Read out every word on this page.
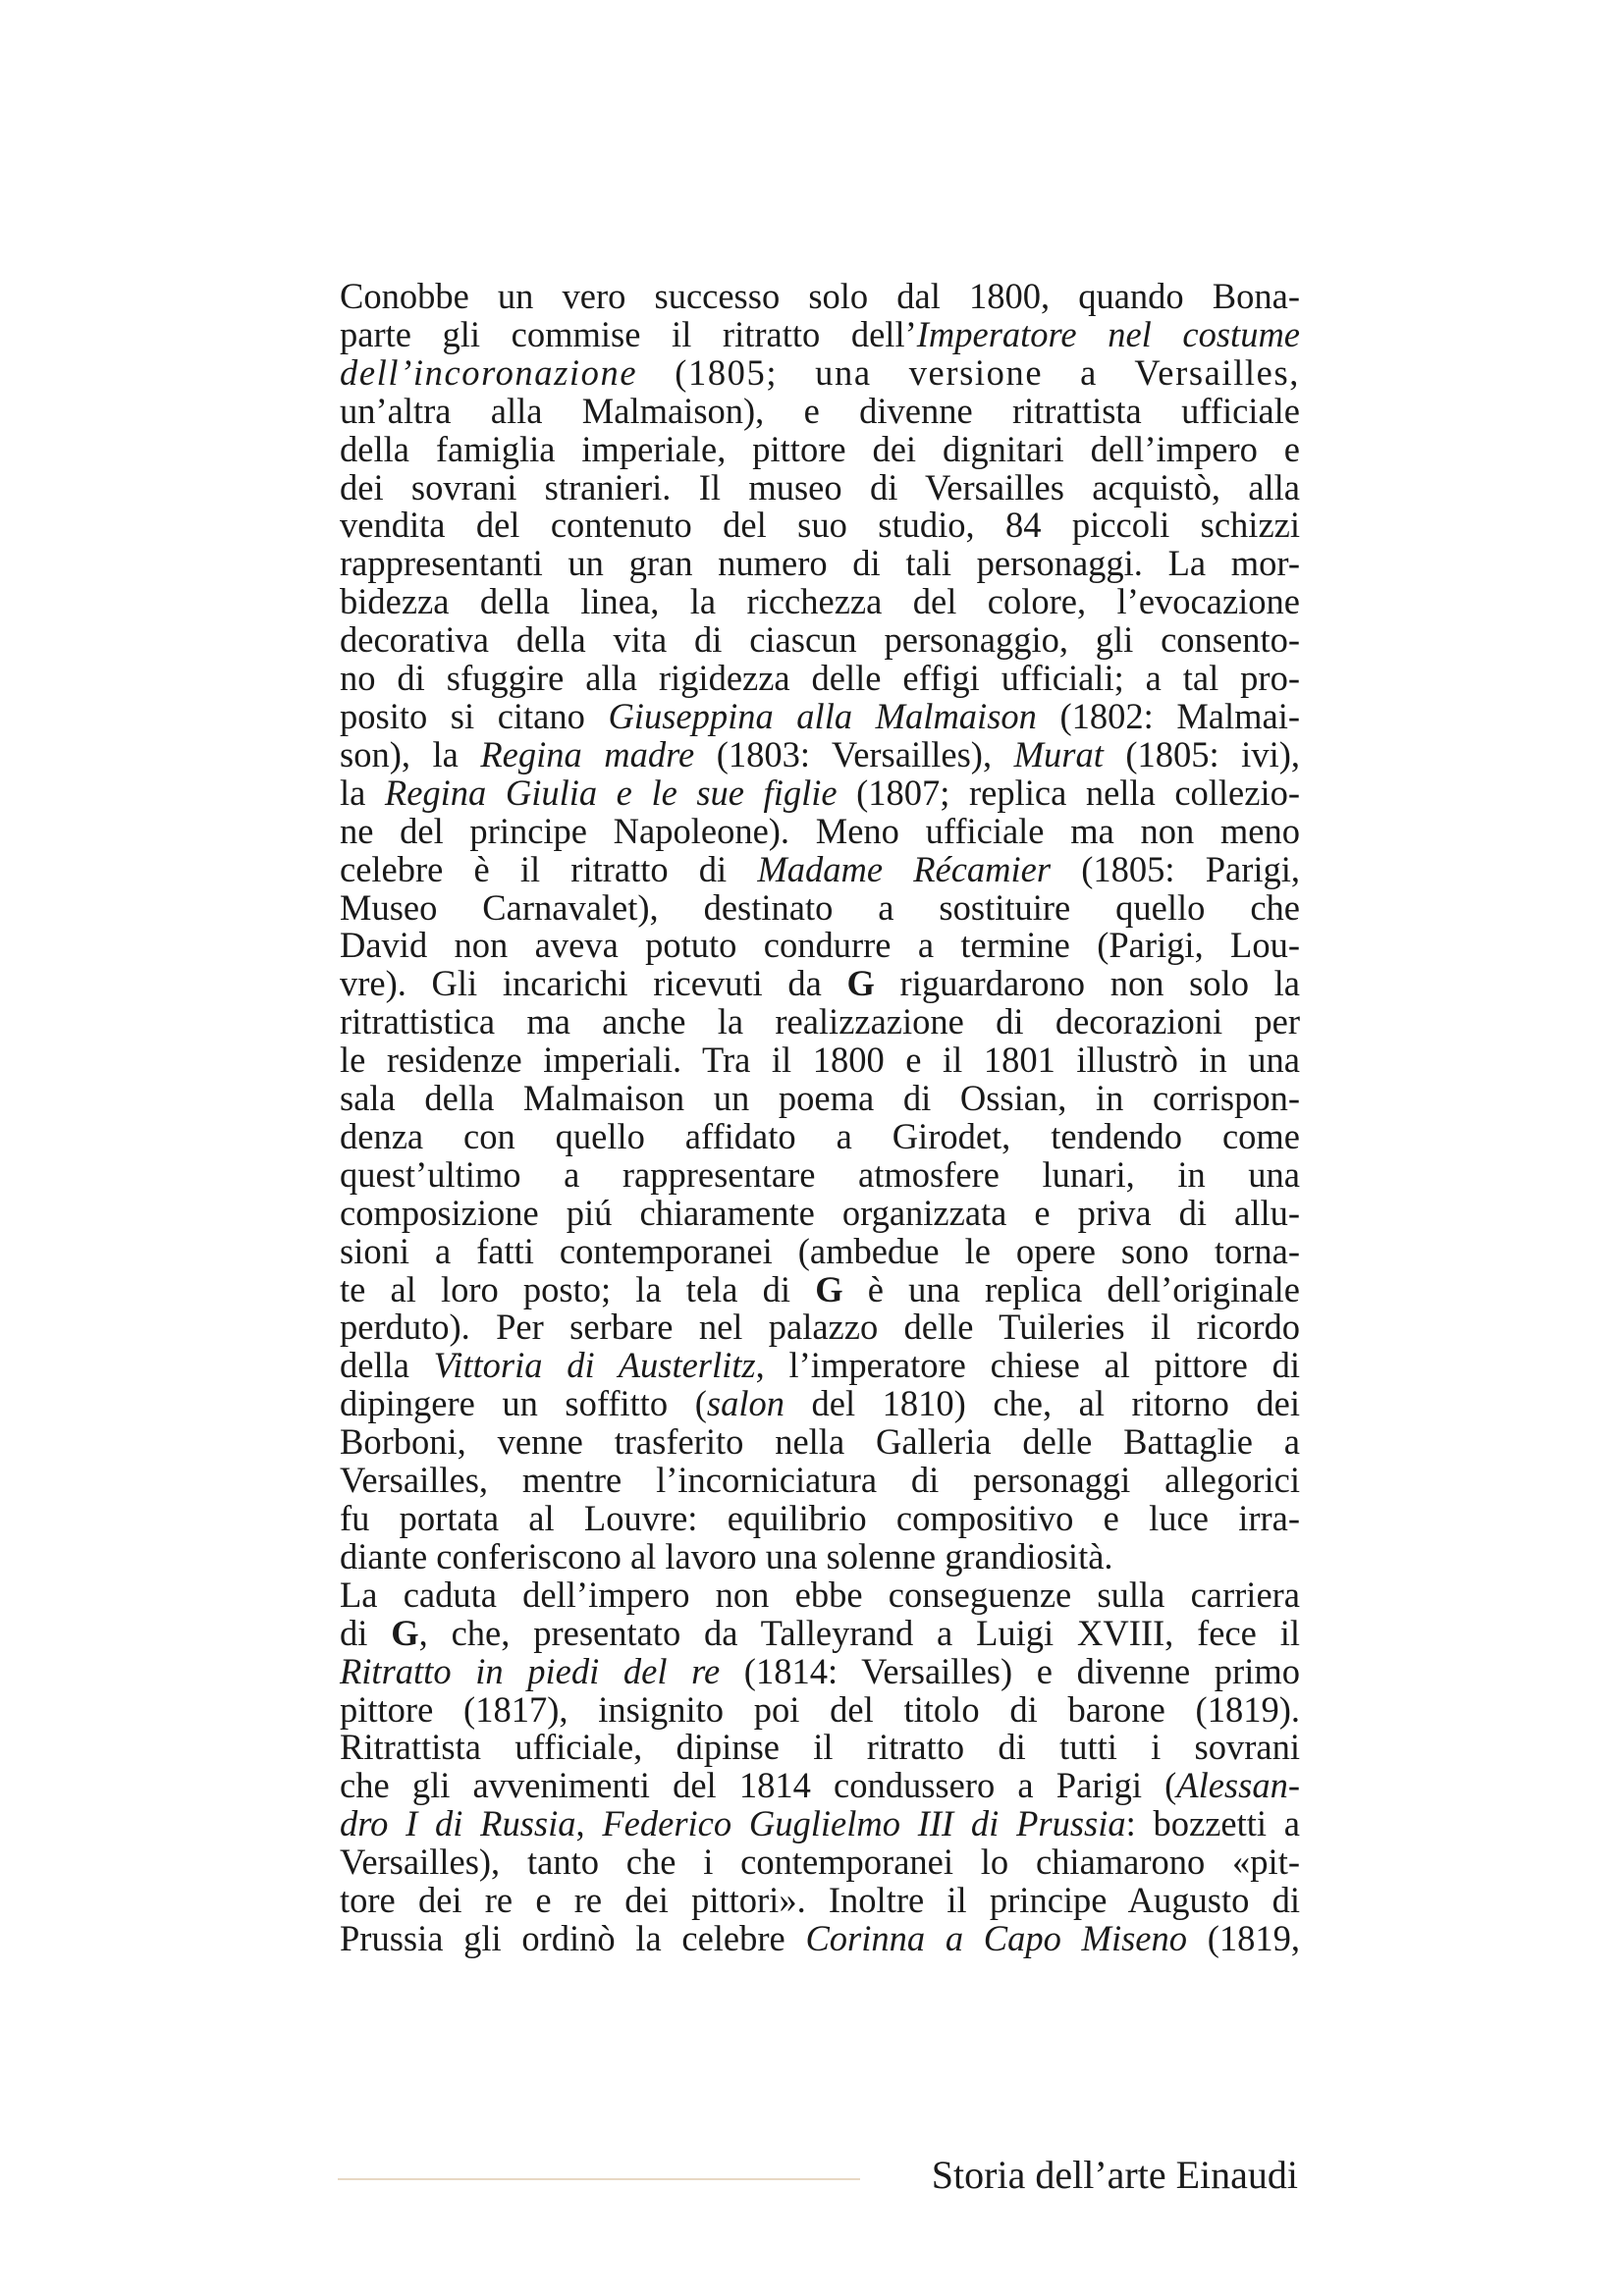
Conobbe un vero successo solo dal 1800, quando Bona-
parte gli commise il ritratto dell’Imperatore nel costume
dell’incoronazione (1805; una versione a Versailles,
un’altra alla Malmaison), e divenne ritrattista ufficiale
della famiglia imperiale, pittore dei dignitari dell’impero e
dei sovrani stranieri. Il museo di Versailles acquistò, alla
vendita del contenuto del suo studio, 84 piccoli schizzi
rappresentanti un gran numero di tali personaggi. La mor-
bidezza della linea, la ricchezza del colore, l’evocazione
decorativa della vita di ciascun personaggio, gli consento-
no di sfuggire alla rigidezza delle effigi ufficiali; a tal pro-
posito si citano Giuseppina alla Malmaison (1802: Malmai-
son), la Regina madre (1803: Versailles), Murat (1805: ivi),
la Regina Giulia e le sue figlie (1807; replica nella collezio-
ne del principe Napoleone). Meno ufficiale ma non meno
celebre è il ritratto di Madame Récamier (1805: Parigi,
Museo Carnavalet), destinato a sostituire quello che
David non aveva potuto condurre a termine (Parigi, Lou-
vre). Gli incarichi ricevuti da G riguardarono non solo la
ritrattistica ma anche la realizzazione di decorazioni per
le residenze imperiali. Tra il 1800 e il 1801 illustrò in una
sala della Malmaison un poema di Ossian, in corrispon-
denza con quello affidato a Girodet, tendendo come
quest’ultimo a rappresentare atmosfere lunari, in una
composizione piú chiaramente organizzata e priva di allu-
sioni a fatti contemporanei (ambedue le opere sono torna-
te al loro posto; la tela di G è una replica dell’originale
perduto). Per serbare nel palazzo delle Tuileries il ricordo
della Vittoria di Austerlitz, l’imperatore chiese al pittore di
dipingere un soffitto (salon del 1810) che, al ritorno dei
Borboni, venne trasferito nella Galleria delle Battaglie a
Versailles, mentre l’incorniciatura di personaggi allegorici
fu portata al Louvre: equilibrio compositivo e luce irra-
diante conferiscono al lavoro una solenne grandiosità.
La caduta dell’impero non ebbe conseguenze sulla carriera
di G, che, presentato da Talleyrand a Luigi XVIII, fece il
Ritratto in piedi del re (1814: Versailles) e divenne primo
pittore (1817), insignito poi del titolo di barone (1819).
Ritrattista ufficiale, dipinse il ritratto di tutti i sovrani
che gli avvenimenti del 1814 condussero a Parigi (Alessan-
dro I di Russia, Federico Guglielmo III di Prussia: bozzetti a
Versailles), tanto che i contemporanei lo chiamarono «pit-
tore dei re e re dei pittori». Inoltre il principe Augusto di
Prussia gli ordinò la celebre Corinna a Capo Miseno (1819,
Storia dell’arte Einaudi
